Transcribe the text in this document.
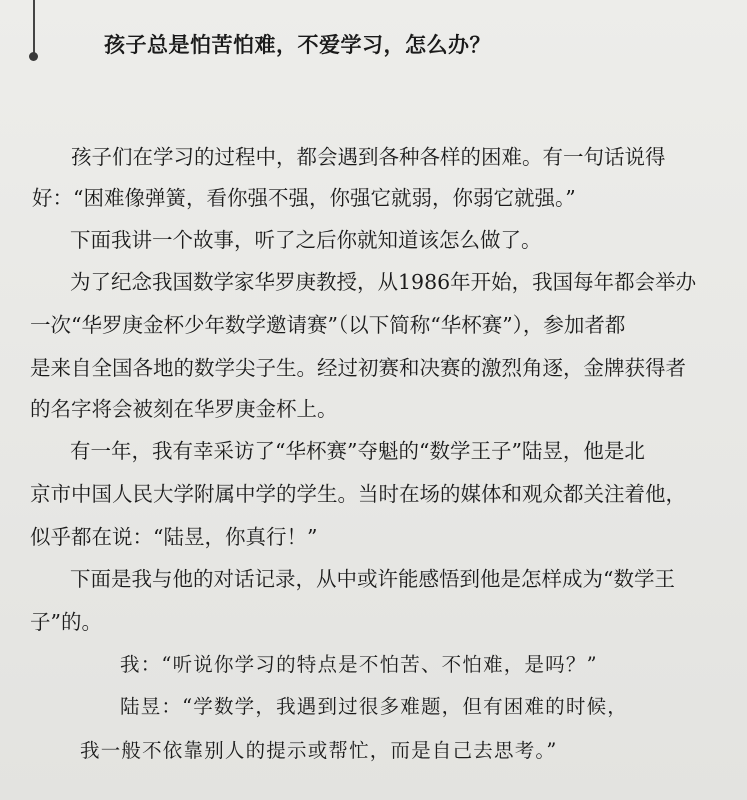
孩子总是怕苦怕难，不爱学习，怎么办？
孩子们在学习的过程中，都会遇到各种各样的困难。有一句话说得
好：“困难像弹簧，看你强不强，你强它就弱，你弱它就强。”
下面我讲一个故事，听了之后你就知道该怎么做了。
为了纪念我国数学家华罗庚教授，从1986年开始，我国每年都会举办
一次“华罗庚金杯少年数学邀请赛”（以下简称“华杯赛”），参加者都
是来自全国各地的数学尖子生。经过初赛和决赛的激烈角逐，金牌获得者
的名字将会被刻在华罗庚金杯上。
有一年，我有幸采访了“华杯赛”夺魁的“数学王子”陆昱，他是北
京市中国人民大学附属中学的学生。当时在场的媒体和观众都关注着他，
似乎都在说：“陆昱，你真行！”
下面是我与他的对话记录，从中或许能感悟到他是怎样成为“数学王
子”的。
我：“听说你学习的特点是不怕苦、不怕难，是吗？”
陆昱：“学数学，我遇到过很多难题，但有困难的时候，
我一般不依靠别人的提示或帮忙，而是自己去思考。”
